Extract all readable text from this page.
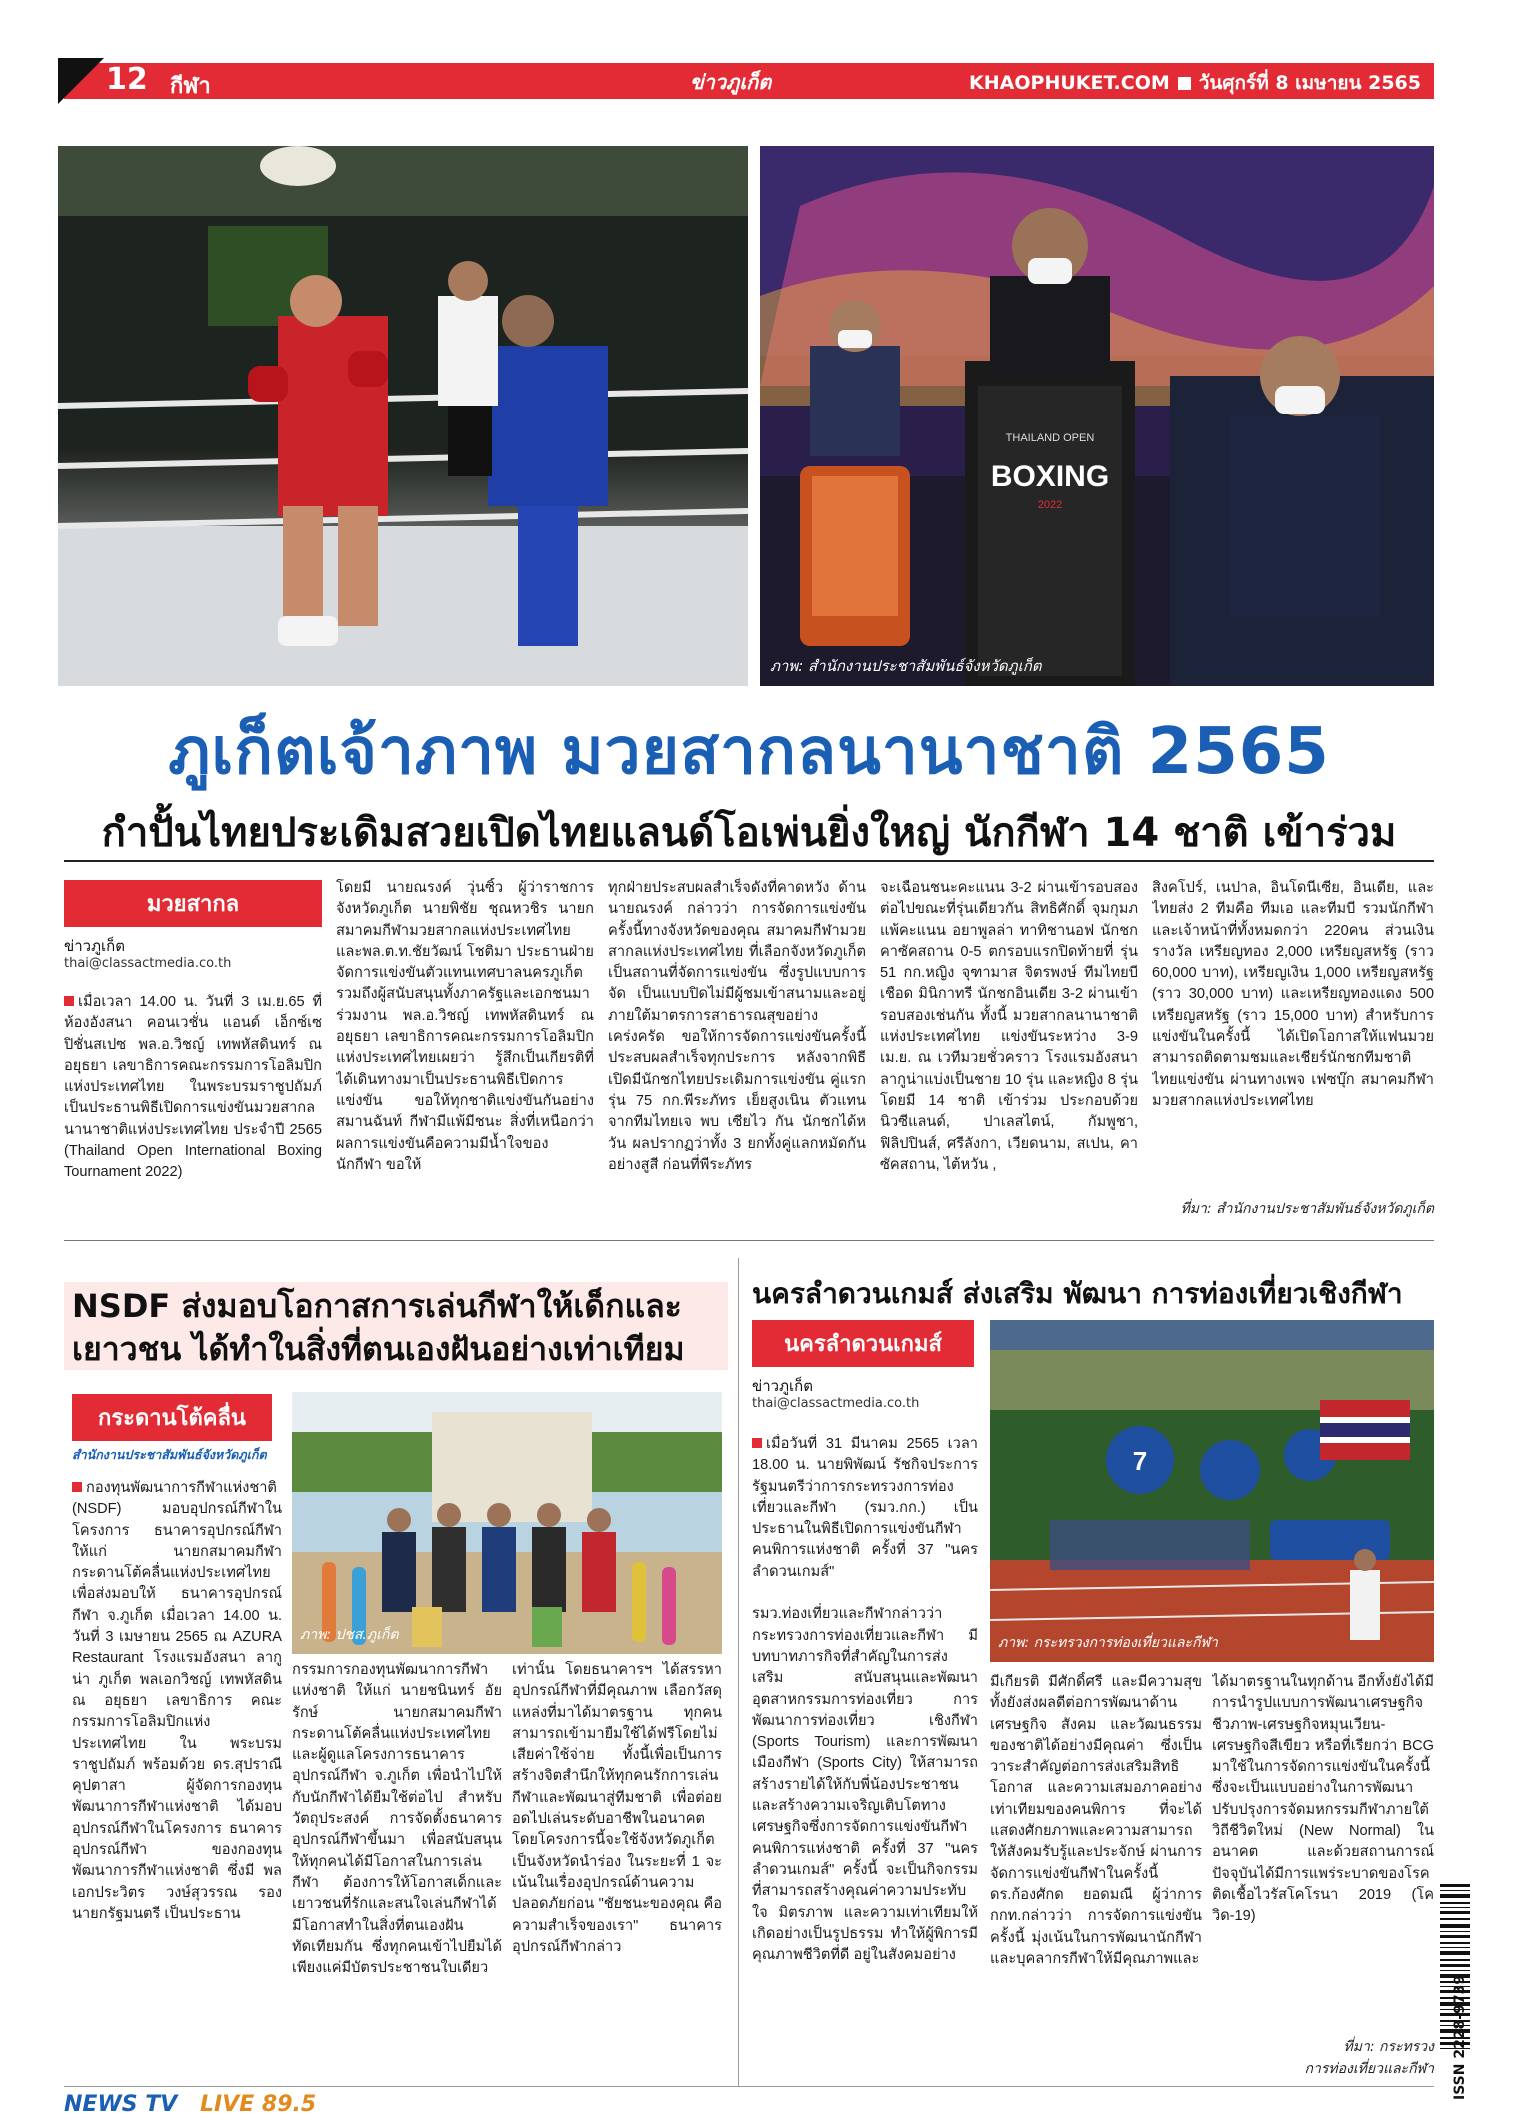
12 กีฬา	ข่าวภูเก็ต	KHAOPHUKET.COM วันศุกร์ที่ 8 เมษายน 2565
THAILAND OPEN
BOXING
2022
ภาพ: สำนักงานประชาสัมพันธ์จังหวัดภูเก็ต
ภูเก็ตเจ้าภาพ มวยสากลนานาชาติ 2565
กำปั้นไทยประเดิมสวยเปิดไทยแลนด์โอเพ่นยิ่งใหญ่ นักกีฬา 14 ชาติ เข้าร่วม
มวยสากล
ข่าวภูเก็ต
thai@classactmedia.co.th
เมื่อเวลา 14.00 น. วันที่ 3 เม.ย.65 ที่ห้องอังสนา คอนเวชั่น แอนด์ เอ็กซ์เซปิชั่นสเปซ พล.อ.วิชญ์ เทพหัสดินทร์ ณ อยุธยา เลขาธิการคณะกรรมการโอลิมปิกแห่งประเทศไทย ในพระบรมราชูปถัมภ์ เป็นประธานพิธีเปิดการแข่งขันมวยสากลนานาชาติแห่งประเทศไทย ประจำปี 2565 (Thailand Open International Boxing Tournament 2022)
โดยมี นายณรงค์ วุ่นซิ้ว ผู้ว่าราชการจังหวัดภูเก็ต นายพิชัย ชุณหวชิร นายกสมาคมกีฬามวยสากลแห่งประเทศไทย และพล.ต.ท.ชัยวัฒน์ โชติมา ประธานฝ่ายจัดการแข่งขันตัวแทนเทศบาลนครภูเก็ต รวมถึงผู้สนับสนุนทั้งภาครัฐและเอกชนมาร่วมงาน พล.อ.วิชญ์ เทพหัสดินทร์ ณ อยุธยา เลขาธิการคณะกรรมการโอลิมปิกแห่งประเทศไทยเผยว่า รู้สึกเป็นเกียรติที่ได้เดินทางมาเป็นประธานพิธีเปิดการแข่งขัน ขอให้ทุกชาติแข่งขันกันอย่างสมานฉันท์ กีฬามีแพ้มีชนะ สิ่งที่เหนือกว่าผลการแข่งขันคือความมีน้ำใจของนักกีฬา ขอให้
ทุกฝ่ายประสบผลสำเร็จดังที่คาดหวัง ด้านนายณรงค์ กล่าวว่า การจัดการแข่งขันครั้งนี้ทางจังหวัดของคุณ สมาคมกีฬามวยสากลแห่งประเทศไทย ที่เลือกจังหวัดภูเก็ตเป็นสถานที่จัดการแข่งขัน ซึ่งรูปแบบการจัด เป็นแบบปิดไม่มีผู้ชมเข้าสนามและอยู่ภายใต้มาตรการสาธารณสุขอย่างเคร่งครัด ขอให้การจัดการแข่งขันครั้งนี้ประสบผลสำเร็จทุกประการ หลังจากพิธีเปิดมีนักชกไทยประเดิมการแข่งขัน คู่แรกรุ่น 75 กก.พีระภัทร เย็ยสูงเนิน ตัวแทนจากทีมไทยเจ พบ เซียไว กัน นักชกได้หวัน ผลปรากฏว่าทั้ง 3 ยกทั้งคู่แลกหมัดกันอย่างสูสี ก่อนที่พีระภัทร
จะเฉือนชนะคะแนน 3-2 ผ่านเข้ารอบสองต่อไปขณะที่รุ่นเดียวกัน สิทธิศักดิ์ จุมกุมภ แพ้คะแนน อยาพูลล่า ทาทิชานอฟ นักชกคาซัคสถาน 0-5 ตกรอบแรกปิดท้ายที่ รุ่น 51 กก.หญิง จุฑามาส จิตรพงษ์ ทีมไทยบีเชือด มินิกาทรี นักชกอินเดีย 3-2 ผ่านเข้ารอบสองเช่นกัน ทั้งนี้ มวยสากลนานาชาติแห่งประเทศไทย แข่งขันระหว่าง 3-9 เม.ย. ณ เวทีมวยชั่วคราว โรงแรมอังสนาลากูน่าแบ่งเป็นชาย 10 รุ่น และหญิง 8 รุ่น โดยมี 14 ชาติ เข้าร่วม ประกอบด้วย นิวซีแลนด์, ปาเลสไตน์, กัมพูชา, ฟิลิปปินส์, ศรีลังกา, เวียดนาม, สเปน, คาซัคสถาน, ไต้หวัน ,
สิงคโปร์, เนปาล, อินโดนีเซีย, อินเดีย, และไทยส่ง 2 ทีมคือ ทีมเอ และทีมบี รวมนักกีฬา และเจ้าหน้าที่ทั้งหมดกว่า 220คน ส่วนเงินรางวัล เหรียญทอง 2,000 เหรียญสหรัฐ (ราว 60,000 บาท), เหรียญเงิน 1,000 เหรียญสหรัฐ (ราว 30,000 บาท) และเหรียญทองแดง 500 เหรียญสหรัฐ (ราว 15,000 บาท) สำหรับการแข่งขันในครั้งนี้ ได้เปิดโอกาสให้แฟนมวยสามารถติดตามชมและเชียร์นักชกทีมชาติไทยแข่งขัน ผ่านทางเพจ เฟซบุ๊ก สมาคมกีฬามวยสากลแห่งประเทศไทย
ที่มา: สำนักงานประชาสัมพันธ์จังหวัดภูเก็ต
NSDF ส่งมอบโอกาสการเล่นกีฬาให้เด็กและเยาวชน ได้ทำในสิ่งที่ตนเองฝันอย่างเท่าเทียม
กระดานโต้คลื่น
สำนักงานประชาสัมพันธ์จังหวัดภูเก็ต
ภาพ: ปชส.ภูเก็ต
กองทุนพัฒนาการกีฬาแห่งชาติ (NSDF) มอบอุปกรณ์กีฬาในโครงการ ธนาคารอุปกรณ์กีฬา ให้แก่ นายกสมาคมกีฬากระดานโต้คลื่นแห่งประเทศไทย เพื่อส่งมอบให้ ธนาคารอุปกรณ์กีฬา จ.ภูเก็ต เมื่อเวลา 14.00 น. วันที่ 3 เมษายน 2565 ณ AZURA Restaurant โรงแรมอังสนา ลากูน่า ภูเก็ต พลเอกวิชญ์ เทพหัสดิน ณ อยุธยา เลขาธิการ คณะกรรมการโอลิมปิกแห่งประเทศไทย ใน พระบรมราชูปถัมภ์ พร้อมด้วย ดร.สุปราณี คุปตาสา ผู้จัดการกองทุนพัฒนาการกีฬาแห่งชาติ ได้มอบอุปกรณ์กีฬาในโครงการ ธนาคารอุปกรณ์กีฬา ของกองทุนพัฒนาการกีฬาแห่งชาติ ซึ่งมี พลเอกประวิตร วงษ์สุวรรณ รองนายกรัฐมนตรี เป็นประธาน
กรรมการกองทุนพัฒนาการกีฬาแห่งชาติ ให้แก่ นายชนินทร์ อัยรักษ์ นายกสมาคมกีฬากระดานโต้คลื่นแห่งประเทศไทย และผู้ดูแลโครงการธนาคารอุปกรณ์กีฬา จ.ภูเก็ต เพื่อนำไปให้กับนักกีฬาได้ยืมใช้ต่อไป สำหรับวัตถุประสงค์ การจัดตั้งธนาคารอุปกรณ์กีฬาขึ้นมา เพื่อสนับสนุนให้ทุกคนได้มีโอกาสในการเล่นกีฬา ต้องการให้โอกาสเด็กและเยาวชนที่รักและสนใจเล่นกีฬาได้มีโอกาสทำในสิ่งที่ตนเองฝันทัดเทียมกัน ซึ่งทุกคนเข้าไปยืมได้เพียงแค่มีบัตรประชาชนใบเดียว
เท่านั้น โดยธนาคารฯ ได้สรรหาอุปกรณ์กีฬาที่มีคุณภาพ เลือกวัสดุ แหล่งที่มาได้มาตรฐาน ทุกคนสามารถเข้ามายืมใช้ได้ฟรีโดยไม่เสียค่าใช้จ่าย ทั้งนี้เพื่อเป็นการสร้างจิตสำนึกให้ทุกคนรักการเล่นกีฬาและพัฒนาสู่ทีมชาติ เพื่อต่อยอดไปเล่นระดับอาชีพในอนาคต โดยโครงการนี้จะใช้จังหวัดภูเก็ตเป็นจังหวัดนำร่อง ในระยะที่ 1 จะเน้นในเรื่องอุปกรณ์ด้านความปลอดภัยก่อน "ชัยชนะของคุณ คือความสำเร็จของเรา" ธนาคารอุปกรณ์กีฬากล่าว
นครลำดวนเกมส์ ส่งเสริม พัฒนา การท่องเที่ยวเชิงกีฬา
นครลำดวนเกมส์
ข่าวภูเก็ต
thai@classactmedia.co.th
7
ภาพ: กระทรวงการท่องเที่ยวและกีฬา
เมื่อวันที่ 31 มีนาคม 2565 เวลา 18.00 น. นายพิพัฒน์ รัชกิจประการ รัฐมนตรีว่าการกระทรวงการท่องเที่ยวและกีฬา (รมว.กก.) เป็นประธานในพิธีเปิดการแข่งขันกีฬาคนพิการแห่งชาติ ครั้งที่ 37 "นครลำดวนเกมส์"

รมว.ท่องเที่ยวและกีฬากล่าวว่า กระทรวงการท่องเที่ยวและกีฬา มีบทบาทภารกิจที่สำคัญในการส่งเสริม สนับสนุนและพัฒนาอุตสาหกรรมการท่องเที่ยว การพัฒนาการท่องเที่ยว เชิงกีฬา (Sports Tourism) และการพัฒนาเมืองกีฬา (Sports City) ให้สามารถสร้างรายได้ให้กับพี่น้องประชาชน และสร้างความเจริญเติบโตทางเศรษฐกิจซึ่งการจัดการแข่งขันกีฬาคนพิการแห่งชาติ ครั้งที่ 37 "นครลำดวนเกมส์" ครั้งนี้ จะเป็นกิจกรรมที่สามารถสร้างคุณค่าความประทับใจ มิตรภาพ และความเท่าเทียมให้เกิดอย่างเป็นรูปธรรม ทำให้ผู้พิการมีคุณภาพชีวิตที่ดี อยู่ในสังคมอย่าง
มีเกียรติ มีศักดิ์ศรี และมีความสุข ทั้งยังส่งผลดีต่อการพัฒนาด้านเศรษฐกิจ สังคม และวัฒนธรรมของชาติได้อย่างมีคุณค่า ซึ่งเป็นวาระสำคัญต่อการส่งเสริมสิทธิ โอกาส และความเสมอภาคอย่างเท่าเทียมของคนพิการ ที่จะได้แสดงศักยภาพและความสามารถให้สังคมรับรู้และประจักษ์ ผ่านการจัดการแข่งขันกีฬาในครั้งนี้ ดร.ก้องศักด ยอดมณี ผู้ว่าการ กกท.กล่าวว่า การจัดการแข่งขันครั้งนี้ มุ่งเน้นในการพัฒนานักกีฬาและบุคลากรกีฬาให้มีคุณภาพและ
ได้มาตรฐานในทุกด้าน อีกทั้งยังได้มีการนำรูปแบบการพัฒนาเศรษฐกิจชีวภาพ-เศรษฐกิจหมุนเวียน-เศรษฐกิจสีเขียว หรือที่เรียกว่า BCG มาใช้ในการจัดการแข่งขันในครั้งนี้ ซึ่งจะเป็นแบบอย่างในการพัฒนา ปรับปรุงการจัดมหกรรมกีฬาภายใต้วิถีชีวิตใหม่ (New Normal) ในอนาคต และด้วยสถานการณ์ปัจจุบันได้มีการแพร่ระบาดของโรคติดเชื้อไวรัสโคโรนา 2019 (โควิด-19)
ที่มา: กระทรวง
การท่องเที่ยวและกีฬา ISSN 2228-9739
NEWS TV LIVE 89.5
